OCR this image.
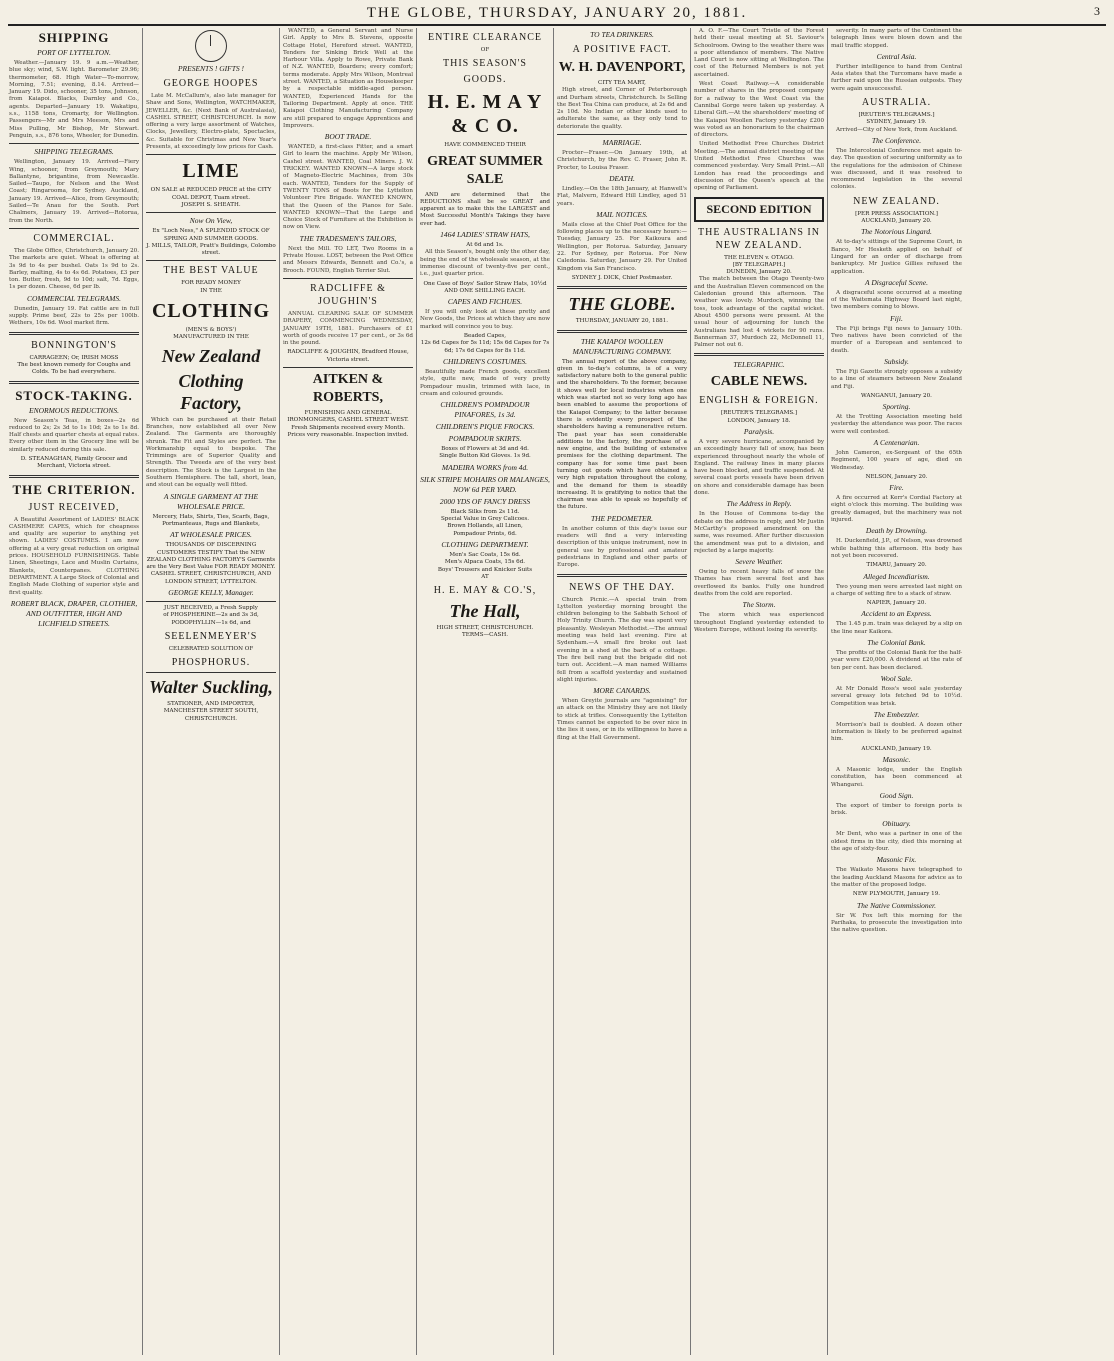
THE GLOBE, THURSDAY, JANUARY 20, 1881.	3
SHIPPING
PORT OF LYTTELTON.

Weather.—January 19. 9 a.m.—Weather, blue sky; wind, S.W. light. Barometer 29.96; thermometer, 68. High Water—To-morrow, Morning, 7.51; evening, 8.14. Arrived—January 19. Dido, schooner, 35 tons, Johnson, from Kaiapoi. Blacks, Darnley and Co., agents. Departed—January 19. Wakatipu, s.s., 1158 tons, Cromarty, for Wellington. Passengers—Mr and Mrs Meeson, Mrs and Miss Pulling, Mr Bishop, Mr Stewart. Penguin, s.s., 876 tons, Wheeler, for Dunedin.

SHIPPING TELEGRAMS.

Wellington, January 19. Arrived—Fiery Wing, schooner, from Greymouth; Mary Ballantyne, brigantine, from Newcastle. Sailed—Taupo, for Nelson and the West Coast; Ringarooma, for Sydney. Auckland, January 19. Arrived—Alice, from Greymouth; Sailed—Te Anau for the South. Port Chalmers, January 19. Arrived—Rotorua, from the North.

COMMERCIAL.

The Globe Office, Christchurch, January 20. The markets are quiet. Wheat is offering at 3s 9d to 4s per bushel. Oats 1s 9d to 2s. Barley, malting, 4s to 4s 6d. Potatoes, £3 per ton. Butter, fresh, 9d to 10d; salt, 7d. Eggs, 1s per dozen. Cheese, 6d per lb.

COMMERCIAL TELEGRAMS.

Dunedin, January 19. Fat cattle are in full supply. Prime beef, 22s to 25s per 100lb. Wethers, 10s 6d. Wool market firm.

BONNINGTON'S
CARRAGEEN; Or, IRISH MOSS
The best known remedy for Coughs and Colds. To be had everywhere.
STOCK-TAKING.
ENORMOUS REDUCTIONS.

New Season's Teas, in boxes—2s 6d reduced to 2s; 2s 3d to 1s 10d; 2s to 1s 8d. Half chests and quarter chests at equal rates. Every other item in the Grocery line will be similarly reduced during this sale.

D. STEANAGHAN, Family Grocer and Merchant, Victoria street.
THE CRITERION.
JUST RECEIVED,

A Beautiful Assortment of LADIES' BLACK CASHMERE CAPES, which for cheapness and quality are superior to anything yet shown. LADIES' COSTUMES. I am now offering at a very great reduction on original prices. HOUSEHOLD FURNISHINGS. Table Linen, Sheetings, Lace and Muslin Curtains, Blankets, Counterpanes. CLOTHING DEPARTMENT. A Large Stock of Colonial and English Made Clothing of superior style and first quality.

ROBERT BLACK, DRAPER, CLOTHIER, AND OUTFITTER, HIGH AND LICHFIELD STREETS.
PRESENTS ! GIFTS !
GEORGE HOOPES

Late M. McCallum's, also late manager for Shaw and Sons, Wellington, WATCHMAKER, JEWELLER, &c. (Next Bank of Australasia), CASHEL STREET, CHRISTCHURCH. Is now offering a very large assortment of Watches, Clocks, Jewellery, Electro-plate, Spectacles, &c. Suitable for Christmas and New Year's Presents, at exceedingly low prices for Cash.

LIME
ON SALE at REDUCED PRICE at the CITY COAL DEPOT, Tuam street.
JOSEPH S. SHEATH.
Now On View,
Ex "Loch Ness," A SPLENDID STOCK OF SPRING AND SUMMER GOODS.
J. MILLS, TAILOR, Pratt's Buildings, Colombo street.
THE BEST VALUE
FOR READY MONEY
IN THE
CLOTHING
(MEN'S & BOYS')
MANUFACTURED IN THE
New Zealand
Clothing Factory,

Which can be purchased at their Retail Branches, now established all over New Zealand. The Garments are thoroughly shrunk. The Fit and Styles are perfect. The Workmanship equal to bespoke. The Trimmings are of Superior Quality and Strength. The Tweeds are of the very best description. The Stock is the Largest in the Southern Hemisphere. The tall, short, lean, and stout can be equally well fitted.

A SINGLE GARMENT AT THE WHOLESALE PRICE.
Mercery, Hats, Shirts, Ties, Scarfs, Bags, Portmanteaus, Rugs and Blankets,
AT WHOLESALE PRICES.
THOUSANDS OF DISCERNING CUSTOMERS TESTIFY That the NEW ZEALAND CLOTHING FACTORY'S Garments are the Very Best Value FOR READY MONEY.
CASHEL STREET, CHRISTCHURCH, AND LONDON STREET, LYTTELTON.
GEORGE KELLY, Manager.
JUST RECEIVED, a Fresh Supply
of PHOSPHERINE—2s and 3s 3d, PODOPHYLLIN—1s 6d, and
SEELENMEYER'S
CELEBRATED SOLUTION OF
PHOSPHORUS.
Walter Suckling,
STATIONER, AND IMPORTER, MANCHESTER STREET SOUTH, CHRISTCHURCH.

WANTED, a General Servant and Nurse Girl. Apply to Mrs B. Stevens, opposite Cottage Hotel, Hereford street. WANTED, Tenders for Sinking Brick Well at the Harbour Villa. Apply to Rowe, Private Bank of N.Z. WANTED, Boarders; every comfort; terms moderate. Apply Mrs Wilson, Montreal street. WANTED, a Situation as Housekeeper by a respectable middle-aged person. WANTED, Experienced Hands for the Tailoring Department. Apply at once. THE Kaiapoi Clothing Manufacturing Company are still prepared to engage Apprentices and Improvers.

BOOT TRADE.

WANTED, a first-class Fitter, and a smart Girl to learn the machine. Apply Mr Wilson, Cashel street. WANTED, Coal Miners. J. W. TRICKEY. WANTED KNOWN—A large stock of Magneto-Electric Machines, from 30s each. WANTED, Tenders for the Supply of TWENTY TONS of Boots for the Lyttelton Volunteer Fire Brigade. WANTED KNOWN, that the Queen of the Pianos for Sale. WANTED KNOWN—That the Large and Choice Stock of Furniture at the Exhibition is now on View.

THE TRADESMEN'S TAILORS,

Next the Mill. TO LET, Two Rooms in a Private House. LOST, between the Post Office and Messrs Edwards, Bennett and Co.'s, a Brooch. FOUND, English Terrier Slut.

RADCLIFFE & JOUGHIN'S

ANNUAL CLEARING SALE OF SUMMER DRAPERY, COMMENCING WEDNESDAY, JANUARY 19TH, 1881. Purchasers of £1 worth of goods receive 17 per cent., or 3s 6d in the pound.

RADCLIFFE & JOUGHIN, Bradford House, Victoria street.
AITKEN & ROBERTS,
FURNISHING AND GENERAL IRONMONGERS, CASHEL STREET WEST. Fresh Shipments received every Month. Prices very reasonable. Inspection invited.
ENTIRE CLEARANCE
OF
THIS SEASON'S
GOODS.
H. E. M A Y & C O.
HAVE COMMENCED THEIR
GREAT SUMMER SALE

AND are determined that the REDUCTIONS shall be so GREAT and apparent as to make this the LARGEST and Most Successful Month's Takings they have ever had.

1464 LADIES' STRAW HATS,
At 6d and 1s.

All this Season's, bought only the other day, being the end of the wholesale season, at the immense discount of twenty-five per cent., i.e., just quarter price.

One Case of Boys' Sailor Straw Hats, 10½d AND ONE SHILLING EACH.
CAPES AND FICHUES.

If you will only look at these pretty and New Goods, the Prices at which they are now marked will convince you to buy.

Beaded Capes,
12s 6d Capes for 5s 11d; 15s 6d Capes for 7s 6d; 17s 6d Capes for 8s 11d.
CHILDREN'S COSTUMES.

Beautifully made French goods, excellent style, quite new, made of very pretty Pompadour muslin, trimmed with lace, in cream and coloured grounds.

CHILDREN'S POMPADOUR PINAFORES, 1s 3d.
CHILDREN'S PIQUE FROCKS.
POMPADOUR SKIRTS.
Boxes of Flowers at 3d and 4d.
Single Button Kid Gloves. 1s 9d.
MADEIRA WORKS from 4d.
SILK STRIPE MOHAIRS OR MALANGES, NOW 6d PER YARD.
2000 YDS OF FANCY DRESS
Black Silks from 2s 11d.
Special Value in Grey Calicoes.
Brown Hollands, all Linen,
Pompadour Prints, 6d.
CLOTHING DEPARTMENT.
Men's Sac Coats, 15s 6d.
Men's Alpaca Coats, 15s 6d.
Boys' Trousers and Knicker Suits
AT
H. E. MAY & CO.'S,
The Hall,
HIGH STREET, CHRISTCHURCH.
TERMS—CASH.
TO TEA DRINKERS.
A POSITIVE FACT.
W. H. DAVENPORT,
CITY TEA MART,

High street, and Corner of Peterborough and Durham streets, Christchurch. Is Selling the Best Tea China can produce, at 2s 6d and 2s 10d. No Indian or other kinds used to adulterate the same, as they only tend to deteriorate the quality.

MARRIAGE.

Procter—Fraser.—On January 19th, at Christchurch, by the Rev. C. Fraser, John R. Procter, to Louisa Fraser.

DEATH.

Lindley.—On the 18th January, at Hanwell's Flat, Malvern, Edward Hill Lindley, aged 51 years.

MAIL NOTICES.

Mails close at the Chief Post Office for the following places up to the necessary hours:— Tuesday, January 25. For Kaikoura and Wellington, per Rotorua. Saturday, January 22. For Sydney, per Rotorua. For New Caledonia. Saturday, January 29. For United Kingdom via San Francisco.

SYDNEY J. DICK, Chief Postmaster.
THE GLOBE.
THURSDAY, JANUARY 20, 1881.
THE KAIAPOI WOOLLEN MANUFACTURING COMPANY.

The annual report of the above company, given in to-day's columns, is of a very satisfactory nature both to the general public and the shareholders. To the former, because it shows well for local industries when one which was started not so very long ago has been enabled to assume the proportions of the Kaiapoi Company; to the latter because there is evidently every prospect of the shareholders having a remunerative return. The past year has seen considerable additions to the factory, the purchase of a new engine, and the building of extensive premises for the clothing department. The company has for some time past been turning out goods which have obtained a very high reputation throughout the colony, and the demand for them is steadily increasing. It is gratifying to notice that the chairman was able to speak so hopefully of the future.

THE PEDOMETER.

In another column of this day's issue our readers will find a very interesting description of this unique instrument, now in general use by professional and amateur pedestrians in England and other parts of Europe.

NEWS OF THE DAY.

Church Picnic.—A special train from Lyttelton yesterday morning brought the children belonging to the Sabbath School of Holy Trinity Church. The day was spent very pleasantly. Wesleyan Methodist.—The annual meeting was held last evening. Fire at Sydenham.—A small fire broke out last evening in a shed at the back of a cottage. The fire bell rang but the brigade did not turn out. Accident.—A man named Williams fell from a scaffold yesterday and sustained slight injuries.

MORE CANARDS.

When Greyite journals are "agonising" for an attack on the Ministry they are not likely to stick at trifles. Consequently the Lyttelton Times cannot be expected to be over nice in the lies it uses, or in its willingness to have a fling at the Hall Government.

A. O. F.—The Court Tristle of the Forest held their usual meeting at St. Saviour's Schoolroom. Owing to the weather there was a poor attendance of members. The Native Land Court is now sitting at Wellington. The cost of the Returned Members is not yet ascertained.

West Coast Railway.—A considerable number of shares in the proposed company for a railway to the West Coast via the Cannibal Gorge were taken up yesterday. A Liberal Gift.—At the shareholders' meeting of the Kaiapoi Woollen Factory yesterday £200 was voted as an honorarium to the chairman of directors.

United Methodist Free Churches District Meeting.—The annual district meeting of the United Methodist Free Churches was commenced yesterday. Very Small Print.—All London has read the proceedings and discussion of the Queen's speech at the opening of Parliament.

SECOND EDITION
THE AUSTRALIANS IN NEW ZEALAND.
THE ELEVEN v. OTAGO.
[BY TELEGRAPH.]
DUNEDIN, January 20.

The match between the Otago Twenty-two and the Australian Eleven commenced on the Caledonian ground this afternoon. The weather was lovely. Murdoch, winning the toss, took advantage of the capital wicket. About 4500 persons were present. At the usual hour of adjourning for lunch the Australians had lost 4 wickets for 90 runs. Bannerman 37, Murdoch 22, McDonnell 11, Palmer not out 6.

TELEGRAPHIC.
CABLE NEWS.
ENGLISH & FOREIGN.
[REUTER'S TELEGRAMS.]
LONDON, January 18.
Paralysis.

A very severe hurricane, accompanied by an exceedingly heavy fall of snow, has been experienced throughout nearly the whole of England. The railway lines in many places have been blocked, and traffic suspended. At several coast ports vessels have been driven on shore and considerable damage has been done.

The Address in Reply.

In the House of Commons to-day the debate on the address in reply, and Mr Justin McCarthy's proposed amendment on the same, was resumed. After further discussion the amendment was put to a division, and rejected by a large majority.

Severe Weather.

Owing to recent heavy falls of snow the Thames has risen several feet and has overflowed its banks. Fully one hundred deaths from the cold are reported.

The Storm.

The storm which was experienced throughout England yesterday extended to Western Europe, without losing its severity.

severity. In many parts of the Continent the telegraph lines were blown down and the mail traffic stopped.

Central Asia.

Further intelligence to hand from Central Asia states that the Turcomans have made a further raid upon the Russian outposts. They were again unsuccessful.

AUSTRALIA.
[REUTER'S TELEGRAMS.]
SYDNEY, January 19.

Arrived—City of New York, from Auckland.

The Conference.

The Intercolonial Conference met again to-day. The question of securing uniformity as to the regulations for the admission of Chinese was discussed, and it was resolved to recommend legislation in the several colonies.

NEW ZEALAND.
[PER PRESS ASSOCIATION.]
AUCKLAND, January 20.
The Notorious Lingard.

At to-day's sittings of the Supreme Court, in Banco, Mr Hesketh applied on behalf of Lingard for an order of discharge from bankruptcy. Mr Justice Gillies refused the application.

A Disgraceful Scene.

A disgraceful scene occurred at a meeting of the Waitemata Highway Board last night, two members coming to blows.

Fiji.

The Fiji brings Fiji news to January 10th. Two natives have been convicted of the murder of a European and sentenced to death.

Subsidy.

The Fiji Gazette strongly opposes a subsidy to a line of steamers between New Zealand and Fiji.

WANGANUI, January 20.
Sporting.

At the Trotting Association meeting held yesterday the attendance was poor. The races were well contested.

A Centenarian.

John Cameron, ex-Sergeant of the 65th Regiment, 100 years of age, died on Wednesday.

NELSON, January 20.
Fire.

A fire occurred at Kerr's Cordial Factory at eight o'clock this morning. The building was greatly damaged, but the machinery was not injured.

Death by Drowning.

H. Duckenfield, J.P., of Nelson, was drowned while bathing this afternoon. His body has not yet been recovered.

TIMARU, January 20.
Alleged Incendiarism.

Two young men were arrested last night on a charge of setting fire to a stack of straw.

NAPIER, January 20.
Accident to an Express.

The 1.45 p.m. train was delayed by a slip on the line near Kaikora.

The Colonial Bank.

The profits of the Colonial Bank for the half-year were £20,000. A dividend at the rate of ten per cent. has been declared.

Wool Sale.

At Mr Donald Ross's wool sale yesterday several greasy lots fetched 9d to 10½d. Competition was brisk.

The Embezzler.

Morrison's bail is doubled. A dozen other information is likely to be preferred against him.

AUCKLAND, January 19.
Masonic.

A Masonic lodge, under the English constitution, has been commenced at Whangarei.

Good Sign.

The export of timber to foreign ports is brisk.

Obituary.

Mr Dent, who was a partner in one of the oldest firms in the city, died this morning at the age of sixty-four.

Masonic Fix.

The Waikato Masons have telegraphed to the leading Auckland Masons for advice as to the matter of the proposed lodge.

NEW PLYMOUTH, January 19.
The Native Commissioner.

Sir W. Fox left this morning for the Parihaka, to prosecute the investigation into the native question.
